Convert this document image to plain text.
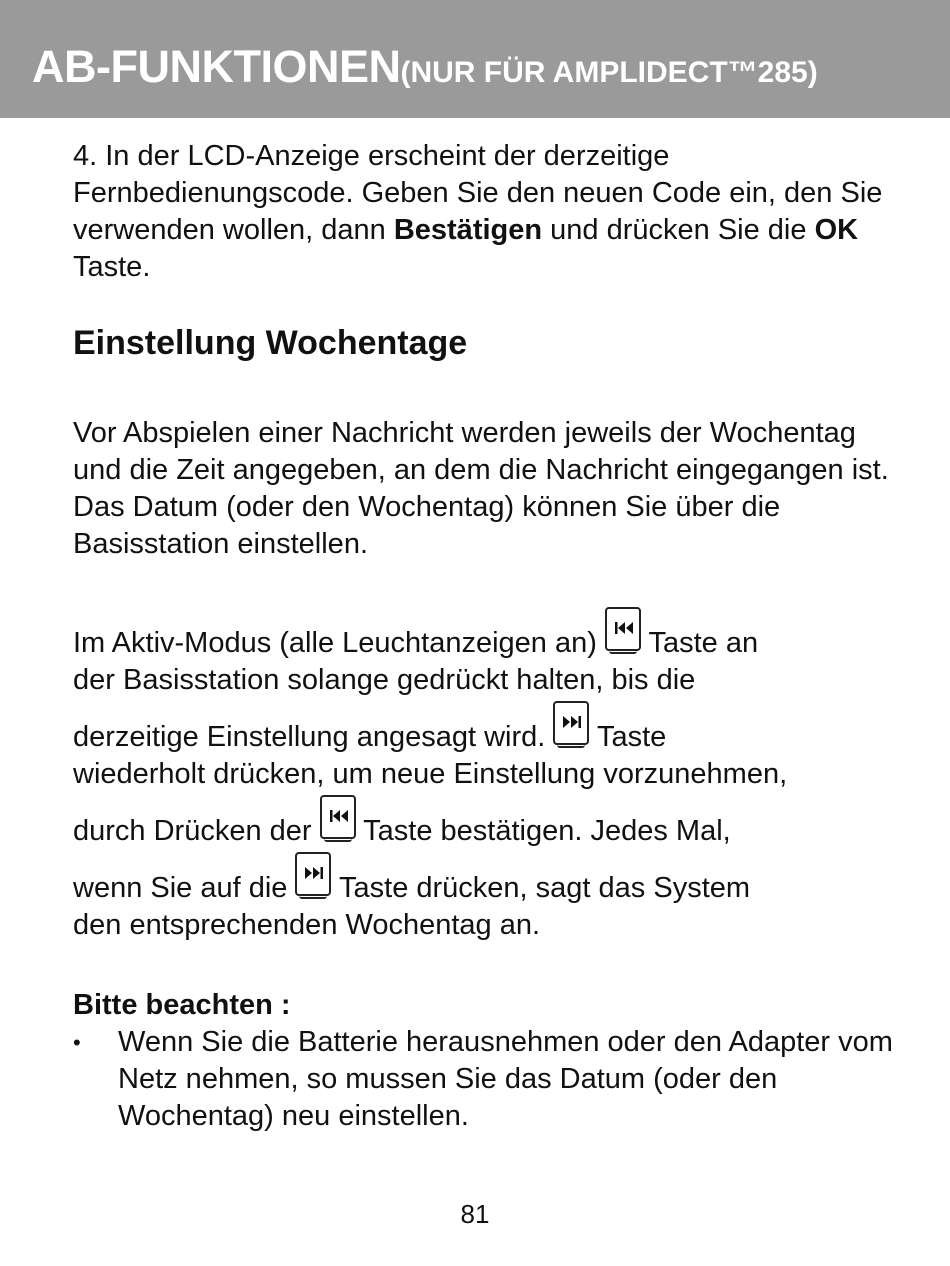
AB-FUNKTIONEN(NUR FÜR AMPLIDECT™285)

4. In der LCD-Anzeige erscheint der derzeitige Fernbedienungscode. Geben Sie den neuen Code ein, den Sie verwenden wollen, dann Bestätigen und drücken Sie die OK Taste.

Einstellung Wochentage

Vor Abspielen einer Nachricht werden jeweils der Wochentag und die Zeit angegeben, an dem die Nachricht eingegangen ist. Das Datum (oder den Wochentag) können Sie über die Basisstation einstellen.

Im Aktiv-Modus (alle Leuchtanzeigen an)
Taste an
der Basisstation solange gedrückt halten, bis die
derzeitige Einstellung angesagt wird.
Taste
wiederholt drücken, um neue Einstellung vorzunehmen,
durch Drücken der
Taste bestätigen. Jedes Mal,
wenn Sie auf die
Taste drücken, sagt das System
den entsprechenden Wochentag an.

Bitte beachten :
• Wenn Sie die Batterie herausnehmen oder den Adapter vom Netz nehmen, so mussen Sie das Datum (oder den Wochentag) neu einstellen.
81
